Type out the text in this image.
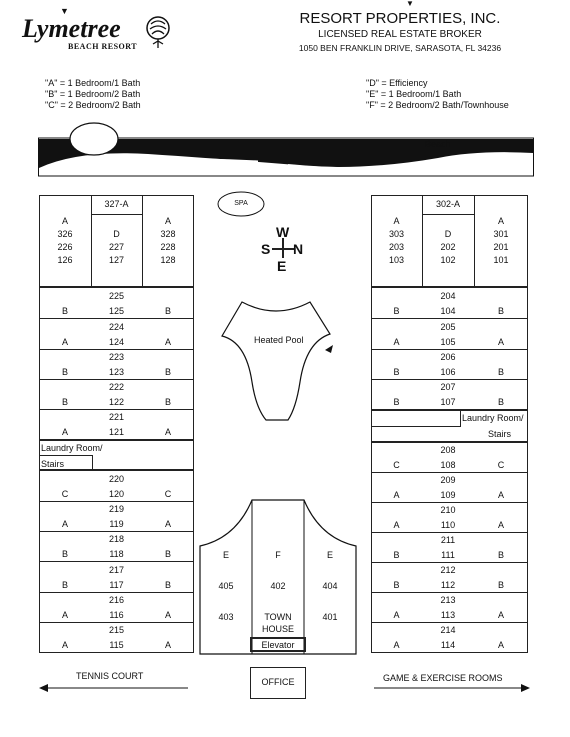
▼
Lymetree
BEACH RESORT
RESORT PROPERTIES, INC.
LICENSED REAL ESTATE BROKER
1050 BEN FRANKLIN DRIVE, SARASOTA, FL 34236
▼
"A" = 1 Bedroom/1 Bath
"B" = 1 Bedroom/2 Bath
"C" = 2 Bedroom/2 Bath
"D" = Efficiency
"E" = 1 Bedroom/1 Bath
"F" = 2 Bedroom/2 Bath/Townhouse
Beach
SPA
W
S N
E
Heated Pool
327-A
A
326
226
126
D
227
127
A
328
228
128
225
B	125	B
224
A	124	A
223
B	123	B
222
B	122	B
221
A	121	A
Laundry Room/
Stairs
220
C	120	C
219
A	119	A
218
B	118	B
217
B	117	B
216
A	116	A
215
A	115	A
302-A
A
303
203
103
D
202
102
A
301
201
101
204
B	104	B
205
A	105	A
206
B	106	B
207
B	107	B
Laundry Room/
Stairs
208
C	108	C
209
A	109	A
210
A	110	A
211
B	111	B
212
B	112	B
213
A	113	A
214
A	114	A
E	F	E
405	402	404
403	TOWN	401
HOUSE
Elevator
TENNIS COURT
OFFICE	GAME & EXERCISE ROOMS
